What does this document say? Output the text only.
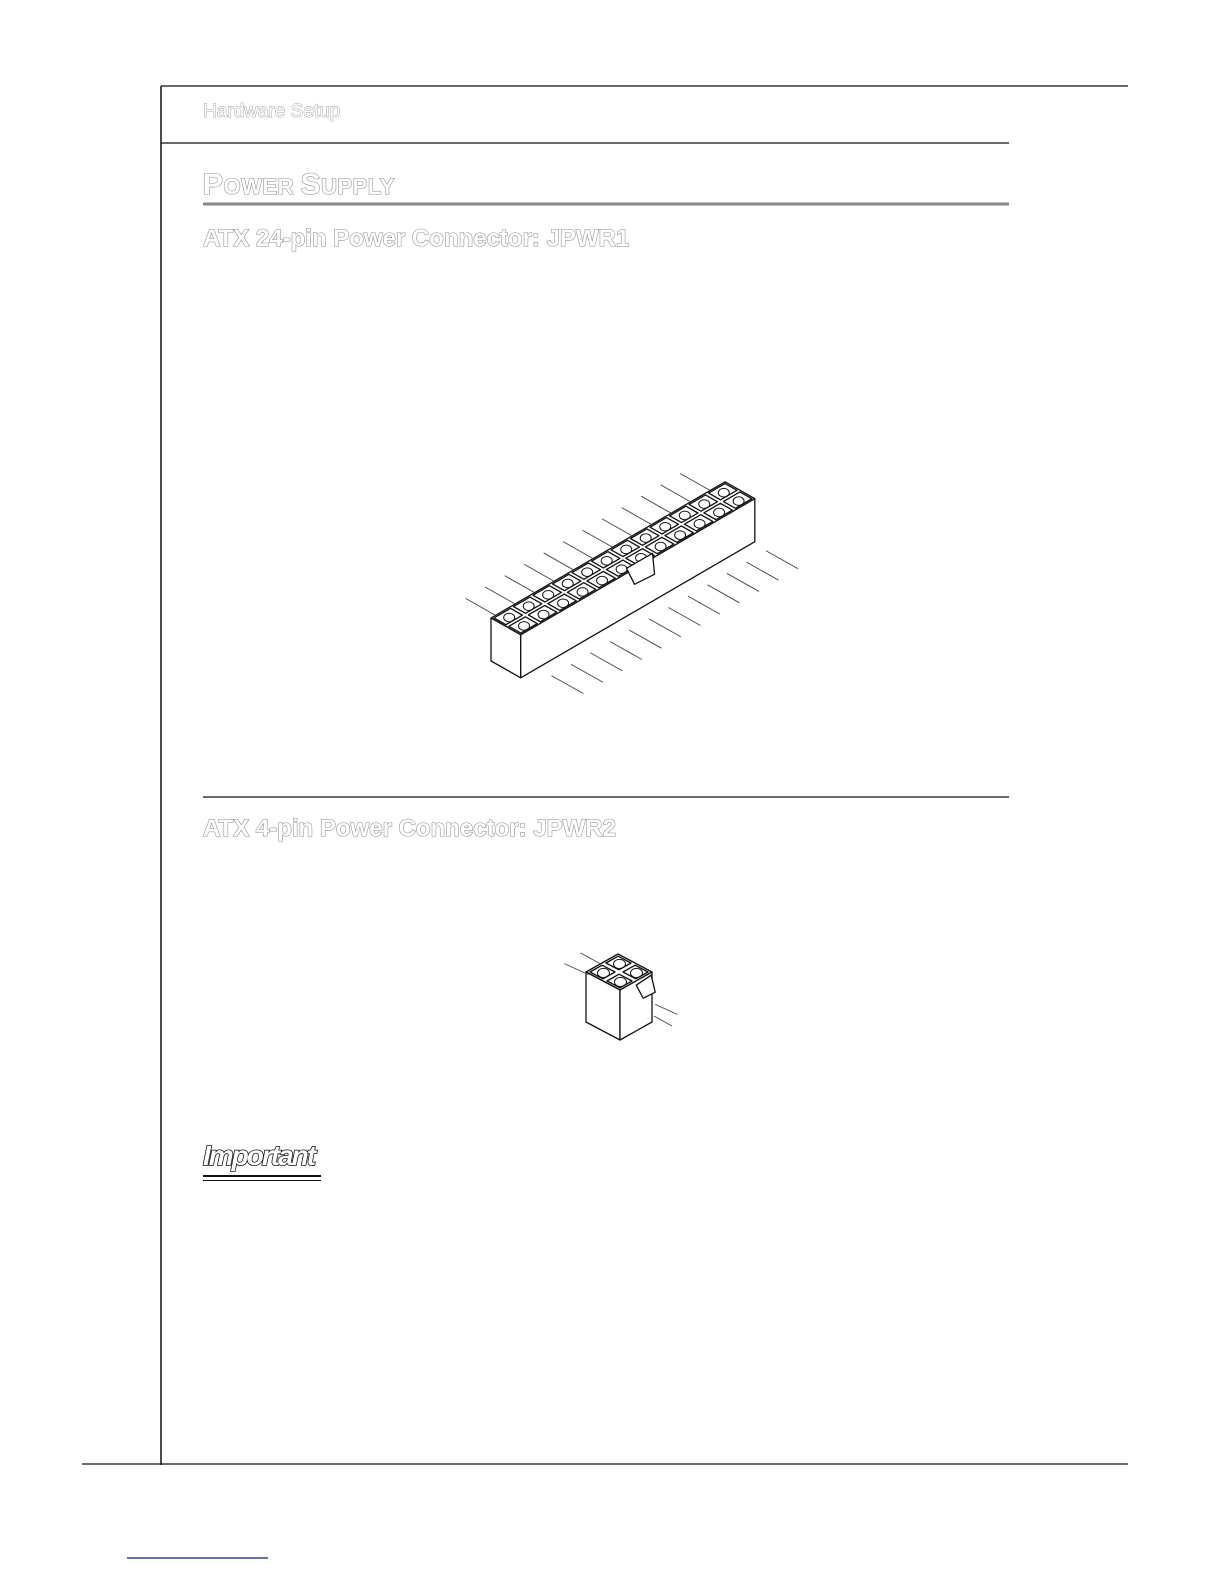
Hardware Setup
POWER SUPPLY
ATX 24-pin Power Connector: JPWR1
ATX 4-pin Power Connector: JPWR2
Important
